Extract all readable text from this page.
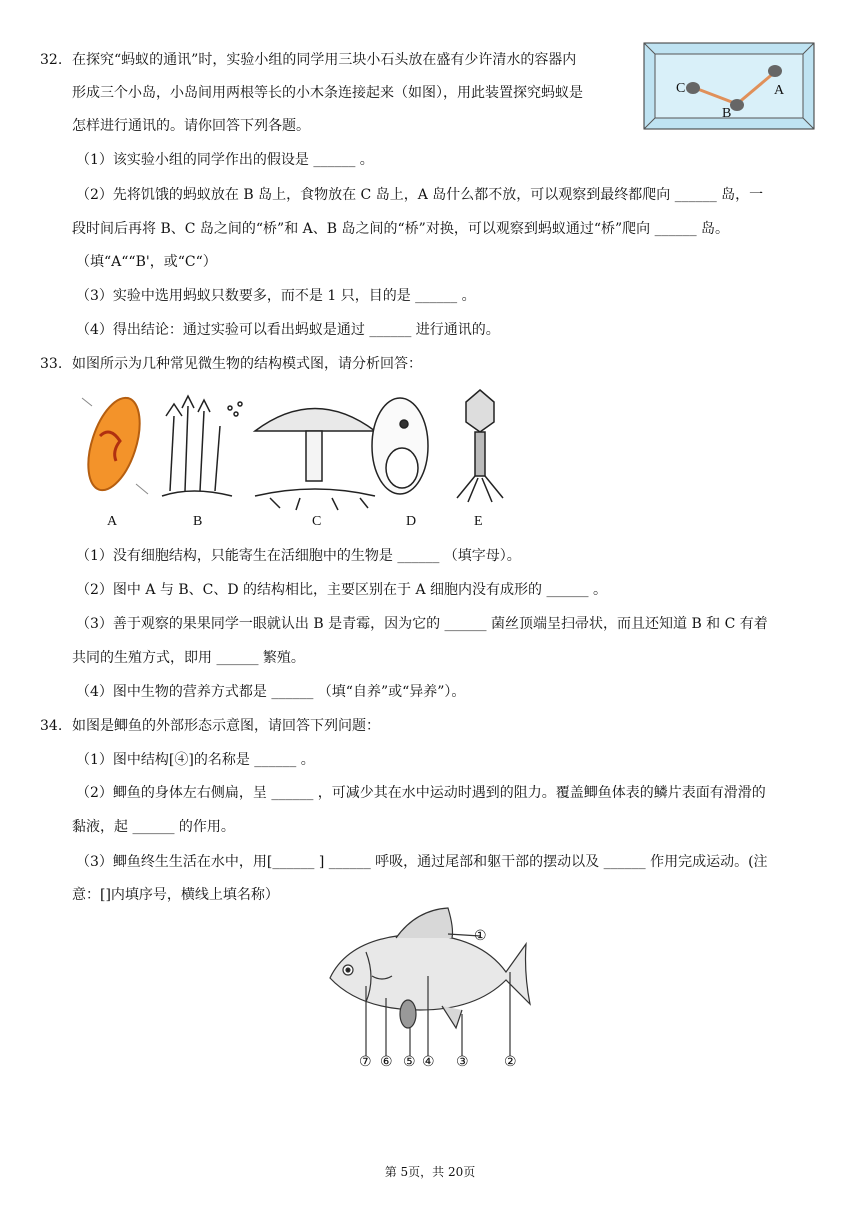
32. 在探究“蚂蚁的通讯”时，实验小组的同学用三块小石头放在盛有少许清水的容器内
形成三个小岛，小岛间用两根等长的小木条连接起来（如图），用此装置探究蚂蚁是
怎样进行通讯的。请你回答下列各题。
（1）该实验小组的同学作出的假设是 ______ 。
（2）先将饥饿的蚂蚁放在 B 岛上，食物放在 C 岛上，A 岛什么都不放，可以观察到最终都爬向 ______ 岛，一
段时间后再将 B、C 岛之间的“桥”和 A、B 岛之间的“桥”对换，可以观察到蚂蚁通过“桥”爬向 ______ 岛。
（填“A““B'，或“C“）
（3）实验中选用蚂蚁只数要多，而不是 1 只，目的是 ______ 。
（4）得出结论：通过实验可以看出蚂蚁是通过 ______ 进行通讯的。
C	A
B
33. 如图所示为几种常见微生物的结构模式图，请分析回答：
A	B	C	D	E
（1）没有细胞结构，只能寄生在活细胞中的生物是 ______ （填字母）。
（2）图中 A 与 B、C、D 的结构相比，主要区别在于 A 细胞内没有成形的 ______ 。
（3）善于观察的果果同学一眼就认出 B 是青霉，因为它的 ______ 菌丝顶端呈扫帚状，而且还知道 B 和 C 有着
共同的生殖方式，即用 ______ 繁殖。
（4）图中生物的营养方式都是 ______ （填“自养”或“异养”）。
34. 如图是鲫鱼的外部形态示意图，请回答下列问题：
（1）图中结构[④]的名称是 ______ 。
（2）鲫鱼的身体左右侧扁，呈 ______ ，可减少其在水中运动时遇到的阻力。覆盖鲫鱼体表的鳞片表面有滑滑的
黏液，起 ______ 的作用。
（3）鲫鱼终生生活在水中，用[______ ] ______ 呼吸，通过尾部和躯干部的摆动以及 ______ 作用完成运动。(注
意：[]内填序号，横线上填名称）
①
②
③
④
⑤
⑥
⑦
第 5页，共 20页
